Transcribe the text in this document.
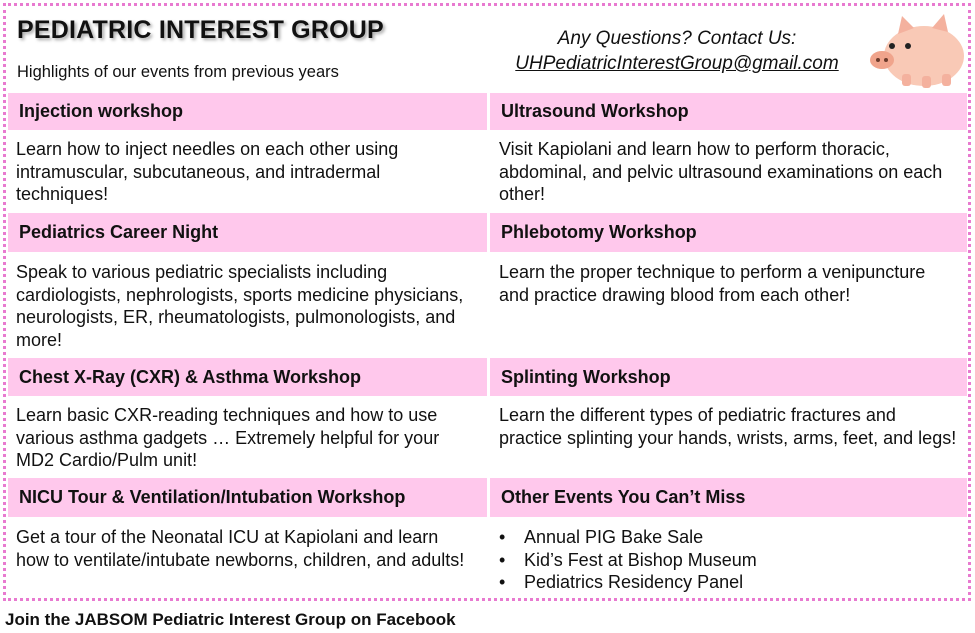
PEDIATRIC INTEREST GROUP
Highlights of our events from previous years
Any Questions? Contact Us:
UHPediatricInterestGroup@gmail.com
Injection workshop	Ultrasound Workshop
Learn how to inject needles on each other using intramuscular, subcutaneous, and intradermal techniques!
Visit Kapiolani and learn how to perform thoracic, abdominal, and pelvic ultrasound examinations on each other!
Pediatrics Career Night	Phlebotomy Workshop
Speak to various pediatric specialists including cardiologists, nephrologists, sports medicine physicians, neurologists, ER, rheumatologists, pulmonologists, and more!
Learn the proper technique to perform a venipuncture and practice drawing blood from each other!
Chest X-Ray (CXR) & Asthma Workshop	Splinting Workshop
Learn basic CXR-reading techniques and how to use various asthma gadgets … Extremely helpful for your MD2 Cardio/Pulm unit!
Learn the different types of pediatric fractures and practice splinting your hands, wrists, arms, feet, and legs!
NICU Tour & Ventilation/Intubation Workshop	Other Events You Can’t Miss
Get a tour of the Neonatal ICU at Kapiolani and learn how to ventilate/intubate newborns, children, and adults!
• Annual PIG Bake Sale
• Kid’s Fest at Bishop Museum
• Pediatrics Residency Panel
Join the JABSOM Pediatric Interest Group on Facebook
